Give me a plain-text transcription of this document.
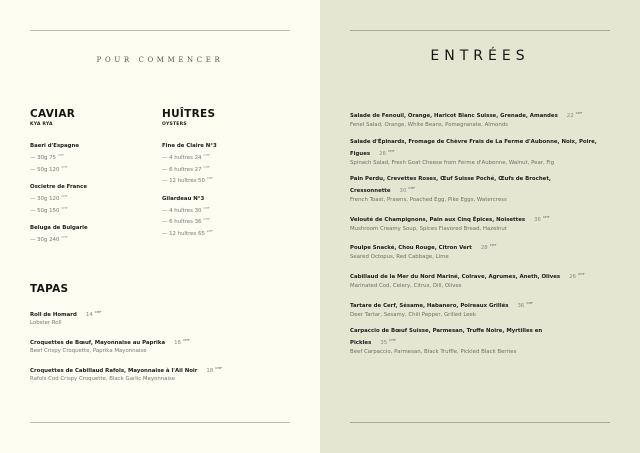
POUR COMMENCER
CAVIAR
KYA RYA
Baeri d'Espagne
— 30g 75 $^{CHF}$
— 50g 120 $^{CHF}$
Oscietre de France
— 30g 120 $^{CHF}$
— 50g 150 $^{CHF}$
Beluga de Bulgarie
— 30g 240 $^{CHF}$
HUÎTRES
OYSTERS
Fine de Claire N°3
— 4 huîtres 24 $^{CHF}$
— 6 huîtres 27 $^{CHF}$
— 12 huîtres 50 $^{CHF}$
Gilardeau N°3
— 4 huîtres 30 $^{CHF}$
— 6 huîtres 36 $^{CHF}$
— 12 huîtres 65 $^{CHF}$
TAPAS
Roll de Homard 14 $^{CHF}$
Lobster Roll
Croquettes de Bœuf, Mayonnaise au Paprika 18 $^{CHF}$
Beef Crispy Croquette, Paprika Mayonnaise
Croquettes de Cabillaud Rafols, Mayonnaise à l'Ail Noir 18 $^{CHF}$
Rafols Cod Crispy Croquette, Black Garlic Mayonnaise
ENTRÉES
Salade de Fenouil, Orange, Haricot Blanc Suisse, Grenade, Amandes 22 $^{CHF}$
Fenel Salad, Orange, White Beans, Pomegranate, Almonds
Salade d'Épinards, Fromage de Chèvre Frais de La Ferme d'Aubonne, Noix, Poire, Figues 26 $^{CHF}$
Spinach Salad, Fresh Goat Cheese from Ferme d'Aubonne, Walnut, Pear, Fig
Pain Perdu, Crevettes Roses, Œuf Suisse Poché, Œufs de Brochet, Cressonnette 30 $^{CHF}$
French Toast, Prawns, Poached Egg, Pike Eggs, Watercress
Velouté de Champignons, Pain aux Cinq Épices, Noisettes 36 $^{CHF}$
Mushroom Creamy Soup, Spices Flavored Bread, Hazelnut
Poulpe Snacké, Chou Rouge, Citron Vert 28 $^{CHF}$
Seared Octopus, Red Cabbage, Lime
Cabillaud de la Mer du Nord Mariné, Colrave, Agrumes, Aneth, Olives 26 $^{CHF}$
Marinated Cod, Celery, Citrus, Dill, Olives
Tartare de Cerf, Sésame, Habanero, Poireaux Grillés 36 $^{CHF}$
Deer Tartar, Sesamy, Chili Pepper, Grilled Leek
Carpaccio de Bœuf Suisse, Parmesan, Truffe Noire, Myrtilles en Pickles 35 $^{CHF}$
Beef Carpaccio, Parmesan, Black Truffle, Pickled Black Berries
